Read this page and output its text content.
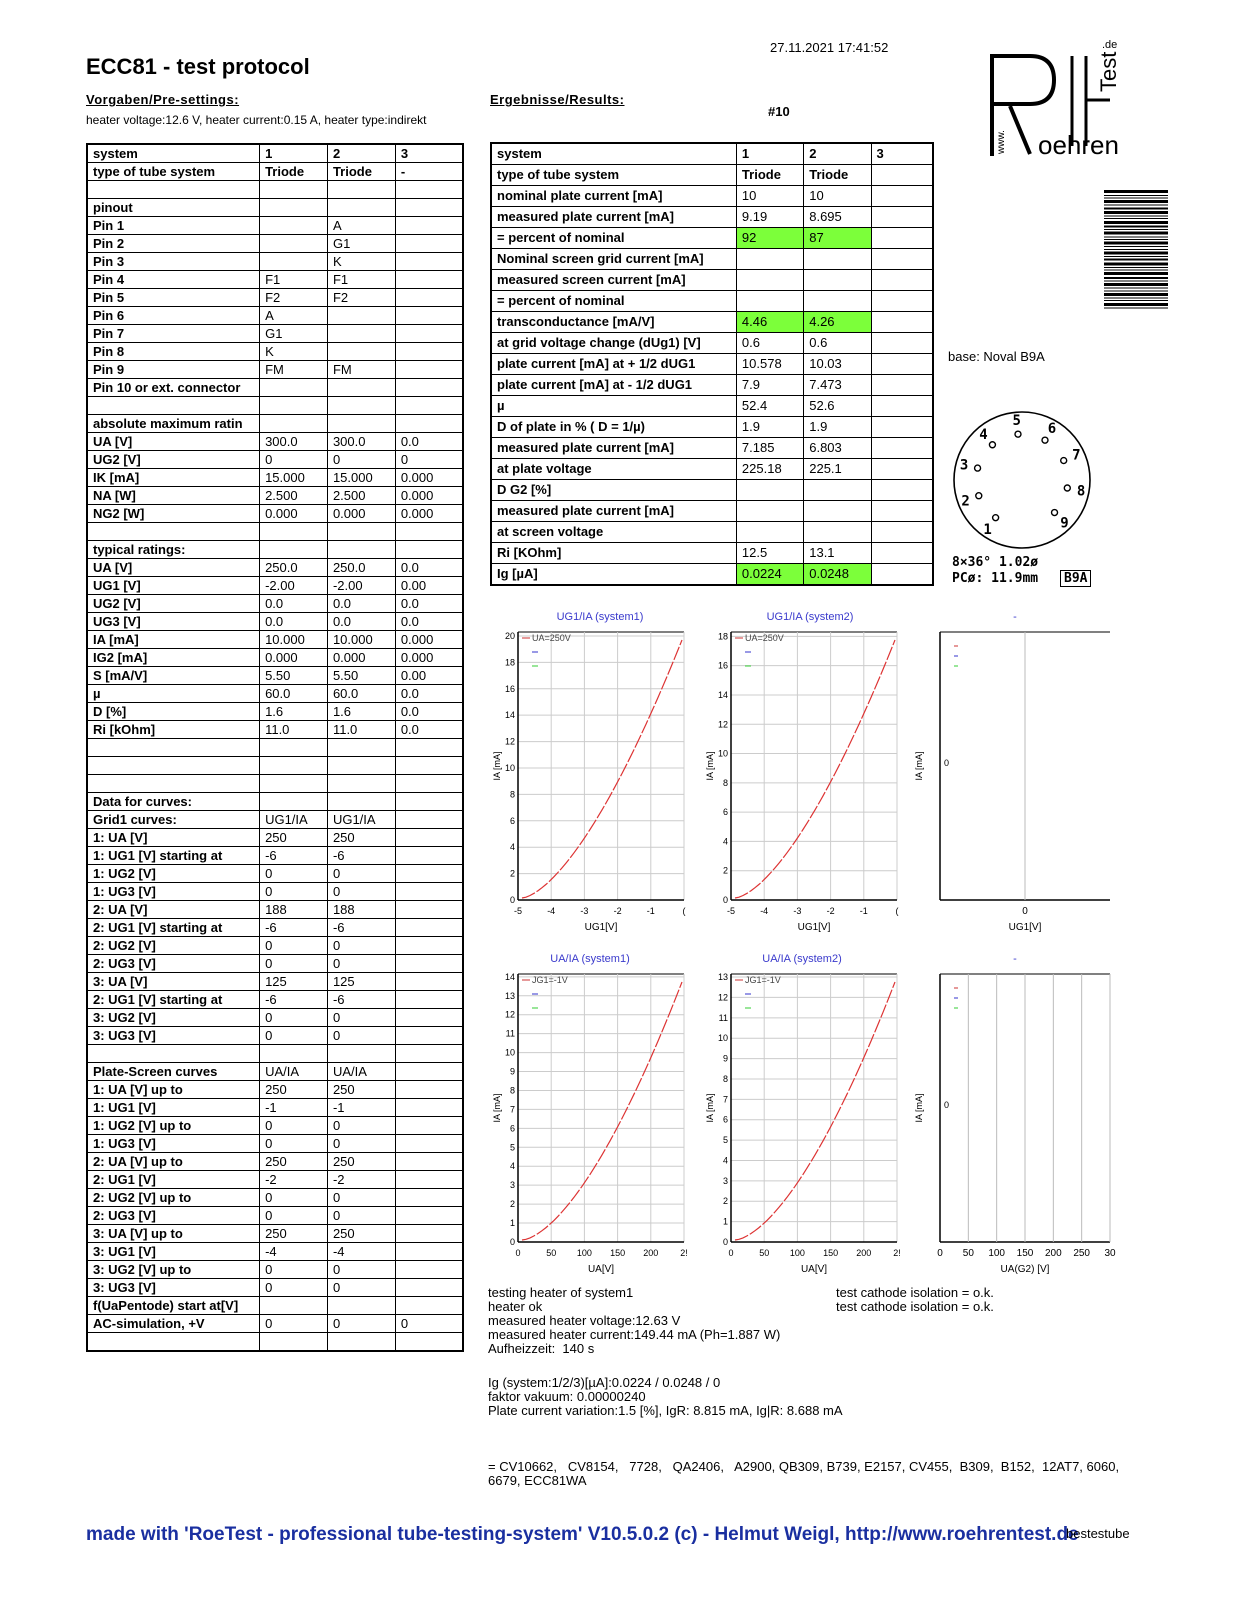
27.11.2021 17:41:52
ECC81 - test protocol
Vorgaben/Pre-settings:
heater voltage:12.6 V, heater current:0.15 A, heater type:indirekt
Ergebnisse/Results:
#10
www. oehren
Test
.de
system	1	2	3
type of tube system	Triode	Triode	-

pinout			
Pin 1		A	
Pin 2		G1	
Pin 3		K	
Pin 4	F1	F1	
Pin 5	F2	F2	
Pin 6	A		
Pin 7	G1		
Pin 8	K		
Pin 9	FM	FM	
Pin 10 or ext. connector			

absolute maximum ratin			
UA [V]	300.0	300.0	0.0
UG2 [V]	0	0	0
IK [mA]	15.000	15.000	0.000
NA [W]	2.500	2.500	0.000
NG2 [W]	0.000	0.000	0.000

typical ratings:			
UA [V]	250.0	250.0	0.0
UG1 [V]	-2.00	-2.00	0.00
UG2 [V]	0.0	0.0	0.0
UG3 [V]	0.0	0.0	0.0
IA [mA]	10.000	10.000	0.000
IG2 [mA]	0.000	0.000	0.000
S [mA/V]	5.50	5.50	0.00
µ	60.0	60.0	0.0
D [%]	1.6	1.6	0.0
Ri [kOhm]	11.0	11.0	0.0

Data for curves:			
Grid1 curves:	UG1/IA	UG1/IA	
1: UA [V]	250	250	
1: UG1 [V] starting at	-6	-6	
1: UG2 [V]	0	0	
1: UG3 [V]	0	0	
2: UA [V]	188	188	
2: UG1 [V] starting at	-6	-6	
2: UG2 [V]	0	0	
2: UG3 [V]	0	0	
3: UA [V]	125	125	
2: UG1 [V] starting at	-6	-6	
3: UG2 [V]	0	0	
3: UG3 [V]	0	0	

Plate-Screen curves	UA/IA	UA/IA	
1: UA [V] up to	250	250	
1: UG1 [V]	-1	-1	
1: UG2 [V] up to	0	0	
1: UG3 [V]	0	0	
2: UA [V] up to	250	250	
2: UG1 [V]	-2	-2	
2: UG2 [V] up to	0	0	
2: UG3 [V]	0	0	
3: UA [V] up to	250	250	
3: UG1 [V]	-4	-4	
3: UG2 [V] up to	0	0	
3: UG3 [V]	0	0	
f(UaPentode) start at[V]			
AC-simulation, +V	0	0	0

system	1	2	3
type of tube system	Triode	Triode	
nominal plate current [mA]	10	10	
measured plate current [mA]	9.19	8.695	
= percent of nominal	92	87	
Nominal screen grid current [mA]			
measured screen current [mA]			
= percent of nominal			
transconductance [mA/V]	4.46	4.26	
at grid voltage change (dUg1) [V]	0.6	0.6	
plate current [mA] at + 1/2 dUG1	10.578	10.03	
plate current [mA] at - 1/2 dUG1	7.9	7.473	
µ	52.4	52.6	
D of plate in % ( D = 1/µ)	1.9	1.9	
measured plate current [mA]	7.185	6.803	
at plate voltage	225.18	225.1	
D G2 [%]			
measured plate current [mA]			
at screen voltage			
Ri [KOhm]	12.5	13.1	
Ig [µA]	0.0224	0.0248	
base: Noval B9A
1
2
3
4
5 6
7
8
9
8×36° 1.02ø
PCø: 11.9mm	B9A
UG1/IA (system1)
IA [mA]
UG1[V]
2
4
6
8
10
12
14
16
18
20
-5	-4	-3	-2	-1	(
0
UA=250V
UG1/IA (system2)
IA [mA]
UG1[V]
2
4
6
8
10
12
14
16
18
-5	-4	-3	-2	-1	(
0
UA=250V
-
IA [mA]
UG1[V]
0
0
UA/IA (system1)
IA [mA]
UA[V]
1
2
3
4
5
6
7
8
9
10
11
12
13
14
0	50 100 150 200 2!
0
JG1=-1V
UA/IA (system2)
IA [mA]
UA[V]
1
2
3
4
5
6
7
8
9
10
11
12
13
0	50 100 150 200 2!
0
JG1=-1V
-
IA [mA]
UA(G2) [V]
0 50 100 150 200 250 30
0
testing heater of system1
heater ok
measured heater voltage:12.63 V
measured heater current:149.44 mA (Ph=1.887 W)
Aufheizzeit:  140 s
test cathode isolation = o.k.
test cathode isolation = o.k.
Ig (system:1/2/3)[µA]:0.0224 / 0.0248 / 0
faktor vakuum: 0.00000240
Plate current variation:1.5 [%], IgR: 8.815 mA, Ig|R: 8.688 mA
= CV10662,   CV8154,   7728,   QA2406,   A2900, QB309, B739, E2157, CV455,  B309,  B152,  12AT7, 6060,
6679, ECC81WA
made with 'RoeTest - professional tube-testing-system' V10.5.0.2 (c) - Helmut Weigl, http://www.roehrentest.de
bestestube
